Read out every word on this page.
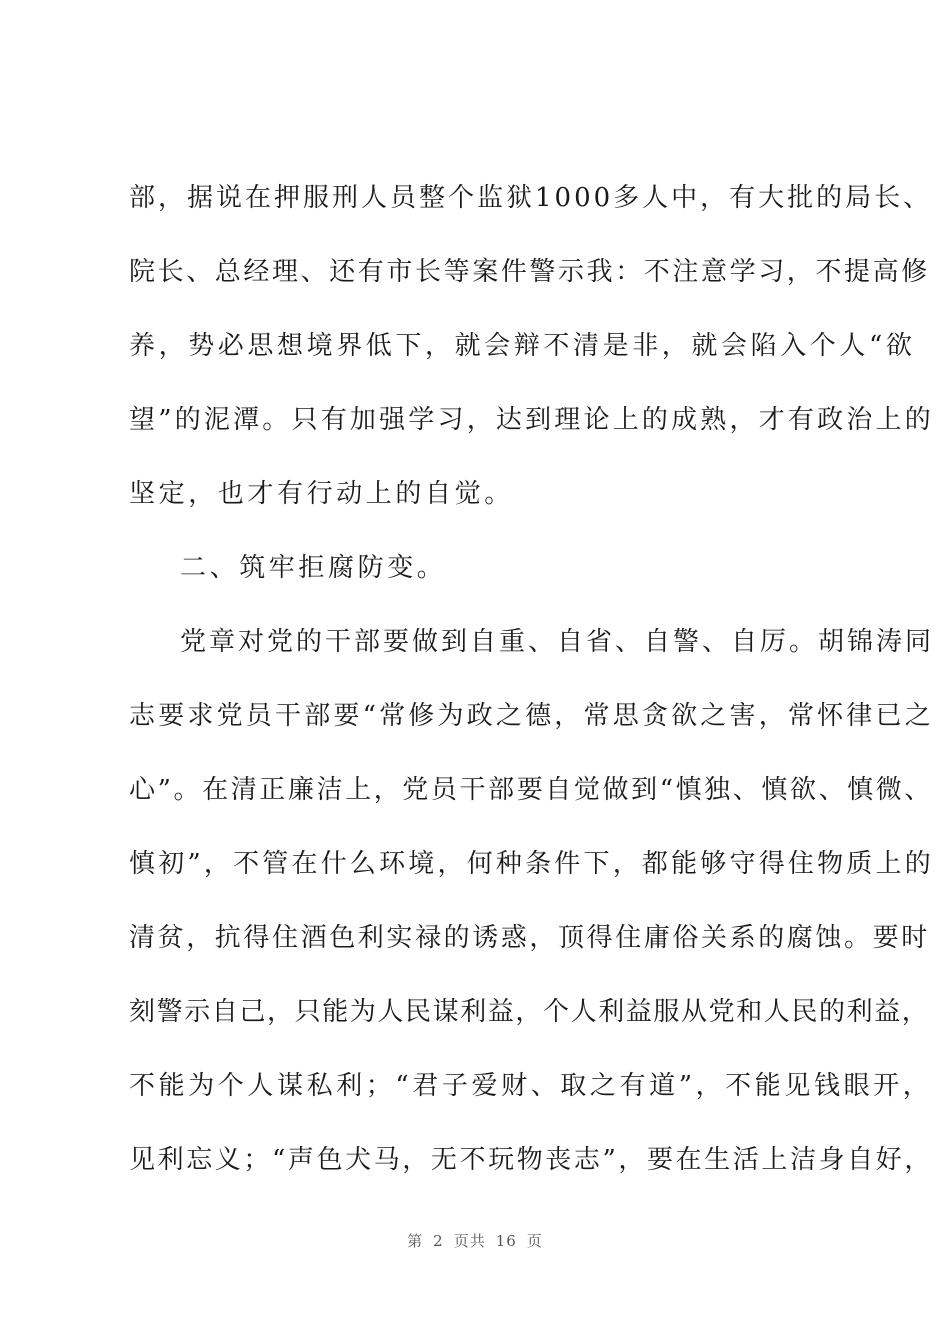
部，据说在押服刑人员整个监狱1000多人中，有大批的局长、
院长、总经理、还有市长等案件警示我：不注意学习，不提高修
养，势必思想境界低下，就会辩不清是非，就会陷入个人“欲
望”的泥潭。只有加强学习，达到理论上的成熟，才有政治上的
坚定，也才有行动上的自觉。
二、筑牢拒腐防变。
党章对党的干部要做到自重、自省、自警、自厉。胡锦涛同
志要求党员干部要“常修为政之德，常思贪欲之害，常怀律已之
心”。在清正廉洁上，党员干部要自觉做到“慎独、慎欲、慎微、
慎初”，不管在什么环境，何种条件下，都能够守得住物质上的
清贫，抗得住酒色利实禄的诱惑，顶得住庸俗关系的腐蚀。要时
刻警示自己，只能为人民谋利益，个人利益服从党和人民的利益，
不能为个人谋私利；“君子爱财、取之有道”，不能见钱眼开，
见利忘义；“声色犬马，无不玩物丧志”，要在生活上洁身自好，
第 2 页共 16 页
